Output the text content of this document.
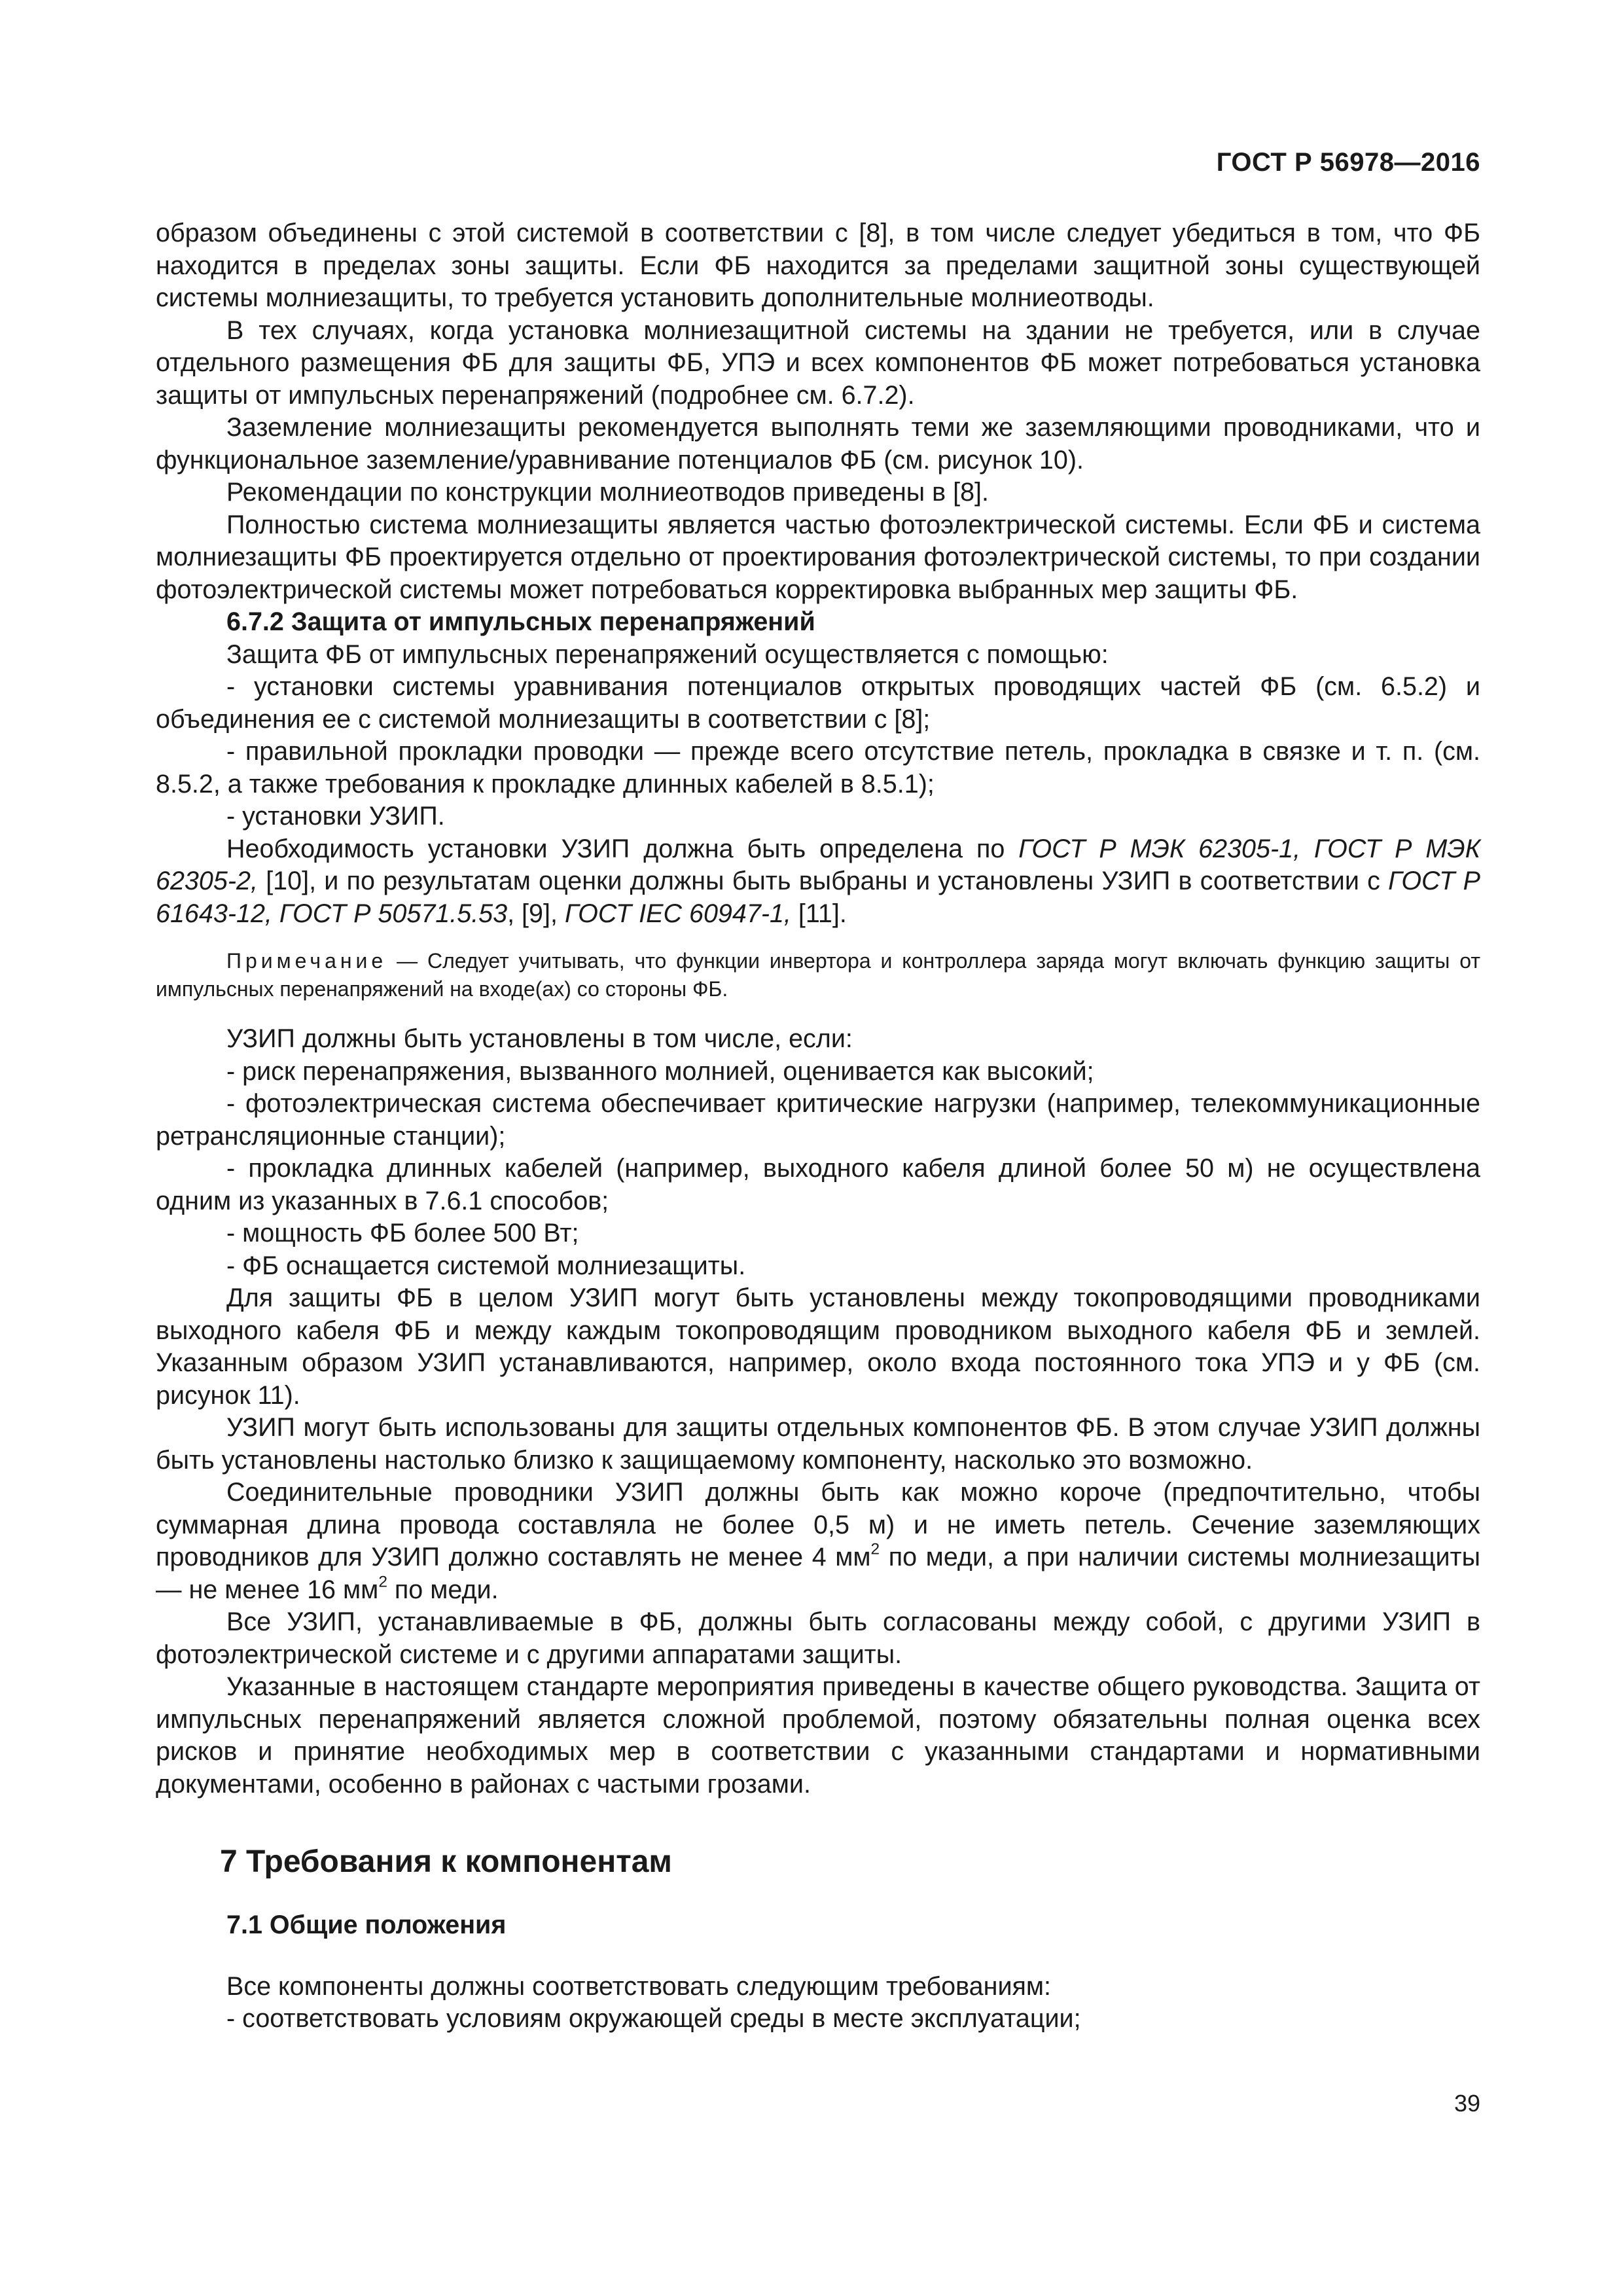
ГОСТ Р 56978—2016

образом объединены с этой системой в соответствии с [8], в том числе следует убедиться в том, что ФБ находится в пределах зоны защиты. Если ФБ находится за пределами защитной зоны существующей системы молниезащиты, то требуется установить дополнительные молниеотводы.

В тех случаях, когда установка молниезащитной системы на здании не требуется, или в случае отдельного размещения ФБ для защиты ФБ, УПЭ и всех компонентов ФБ может потребоваться установка защиты от импульсных перенапряжений (подробнее см. 6.7.2).

Заземление молниезащиты рекомендуется выполнять теми же заземляющими проводниками, что и функциональное заземление/уравнивание потенциалов ФБ (см. рисунок 10).

Рекомендации по конструкции молниеотводов приведены в [8].

Полностью система молниезащиты является частью фотоэлектрической системы. Если ФБ и система молниезащиты ФБ проектируется отдельно от проектирования фотоэлектрической системы, то при создании фотоэлектрической системы может потребоваться корректировка выбранных мер защиты ФБ.

6.7.2 Защита от импульсных перенапряжений

Защита ФБ от импульсных перенапряжений осуществляется с помощью:

- установки системы уравнивания потенциалов открытых проводящих частей ФБ (см. 6.5.2) и объединения ее с системой молниезащиты в соответствии с [8];

- правильной прокладки проводки — прежде всего отсутствие петель, прокладка в связке и т. п. (см. 8.5.2, а также требования к прокладке длинных кабелей в 8.5.1);

- установки УЗИП.

Необходимость установки УЗИП должна быть определена по ГОСТ Р МЭК 62305-1, ГОСТ Р МЭК 62305-2, [10], и по результатам оценки должны быть выбраны и установлены УЗИП в соответствии с ГОСТ Р 61643-12, ГОСТ Р 50571.5.53, [9], ГОСТ IEC 60947-1, [11].

Примечание — Следует учитывать, что функции инвертора и контроллера заряда могут включать функцию защиты от импульсных перенапряжений на входе(ах) со стороны ФБ.

УЗИП должны быть установлены в том числе, если:

- риск перенапряжения, вызванного молнией, оценивается как высокий;

- фотоэлектрическая система обеспечивает критические нагрузки (например, телекоммуникационные ретрансляционные станции);

- прокладка длинных кабелей (например, выходного кабеля длиной более 50 м) не осуществлена одним из указанных в 7.6.1 способов;

- мощность ФБ более 500 Вт;

- ФБ оснащается системой молниезащиты.

Для защиты ФБ в целом УЗИП могут быть установлены между токопроводящими проводниками выходного кабеля ФБ и между каждым токопроводящим проводником выходного кабеля ФБ и землей. Указанным образом УЗИП устанавливаются, например, около входа постоянного тока УПЭ и у ФБ (см. рисунок 11).

УЗИП могут быть использованы для защиты отдельных компонентов ФБ. В этом случае УЗИП должны быть установлены настолько близко к защищаемому компоненту, насколько это возможно.

Соединительные проводники УЗИП должны быть как можно короче (предпочтительно, чтобы суммарная длина провода составляла не более 0,5 м) и не иметь петель. Сечение заземляющих проводников для УЗИП должно составлять не менее 4 $мм^2$ по меди, а при наличии системы молниезащиты — не менее 16 $мм^2$ по меди.

Все УЗИП, устанавливаемые в ФБ, должны быть согласованы между собой, с другими УЗИП в фотоэлектрической системе и с другими аппаратами защиты.

Указанные в настоящем стандарте мероприятия приведены в качестве общего руководства. Защита от импульсных перенапряжений является сложной проблемой, поэтому обязательны полная оценка всех рисков и принятие необходимых мер в соответствии с указанными стандартами и нормативными документами, особенно в районах с частыми грозами.

7 Требования к компонентам
7.1 Общие положения

Все компоненты должны соответствовать следующим требованиям:

- соответствовать условиям окружающей среды в месте эксплуатации;

39
